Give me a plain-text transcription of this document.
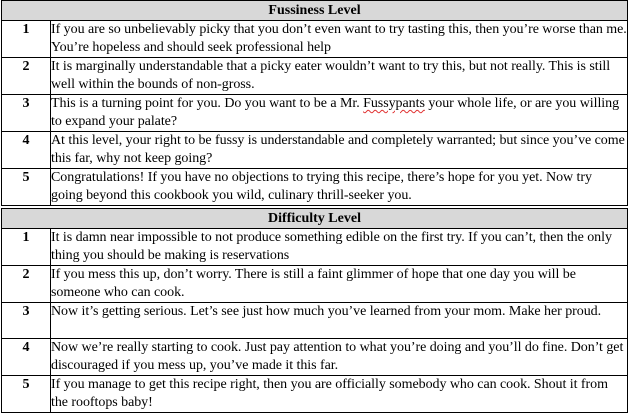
Fussiness Level	
1	If you are so unbelievably picky that you don’t even want to try tasting this, then you’re worse than me. You’re hopeless and should seek professional help
2	It is marginally understandable that a picky eater wouldn’t want to try this, but not really. This is still well within the bounds of non-gross.
3	This is a turning point for you. Do you want to be a Mr. Fussypants your whole life, or are you willing to expand your palate?
4	At this level, your right to be fussy is understandable and completely warranted; but since you’ve come this far, why not keep going?
5	Congratulations! If you have no objections to trying this recipe, there’s hope for you yet. Now try going beyond this cookbook you wild, culinary thrill-seeker you.
Difficulty Level	
1	It is damn near impossible to not produce something edible on the first try. If you can’t, then the only thing you should be making is reservations
2	If you mess this up, don’t worry. There is still a faint glimmer of hope that one day you will be someone who can cook.
3	Now it’s getting serious. Let’s see just how much you’ve learned from your mom. Make her proud.
4	Now we’re really starting to cook. Just pay attention to what you’re doing and you’ll do fine. Don’t get discouraged if you mess up, you’ve made it this far.
5	If you manage to get this recipe right, then you are officially somebody who can cook. Shout it from the rooftops baby!
